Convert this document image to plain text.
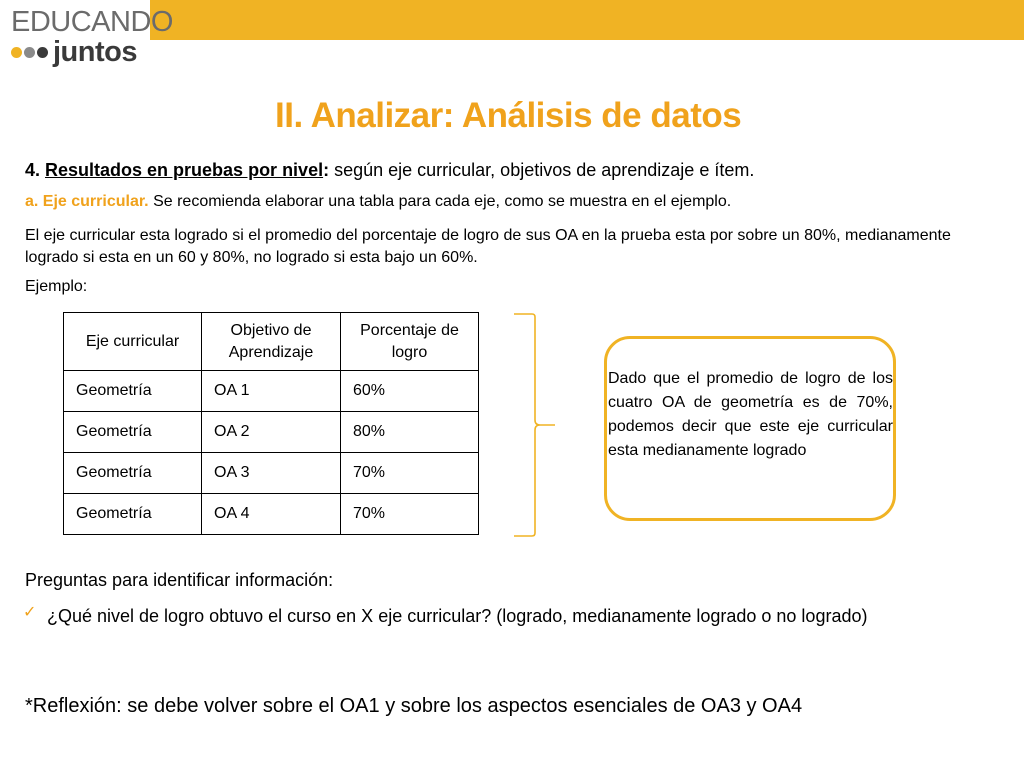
EDUCANDO
juntos
II. Analizar: Análisis de datos
4. Resultados en pruebas por nivel: según eje curricular, objetivos de aprendizaje e ítem.
a. Eje curricular. Se recomienda elaborar una tabla para cada eje, como se muestra en el ejemplo.
El eje curricular esta logrado si el promedio del porcentaje de logro de sus OA en la prueba esta por sobre un 80%, medianamente logrado si esta en un 60 y 80%, no logrado si esta bajo un 60%.
Ejemplo:
Eje curricular	Objetivo de Aprendizaje	Porcentaje de logro
Geometría	OA 1	60%
Geometría	OA 2	80%
Geometría	OA 3	70%
Geometría	OA 4	70%
Dado que el promedio de logro de los cuatro OA de geometría es de 70%, podemos decir que este eje curricular esta medianamente logrado
Preguntas para identificar información:
✓ ¿Qué nivel de logro obtuvo el curso en X eje curricular? (logrado, medianamente logrado o no logrado)
*Reflexión: se debe volver sobre el OA1 y sobre los aspectos esenciales de OA3 y OA4
